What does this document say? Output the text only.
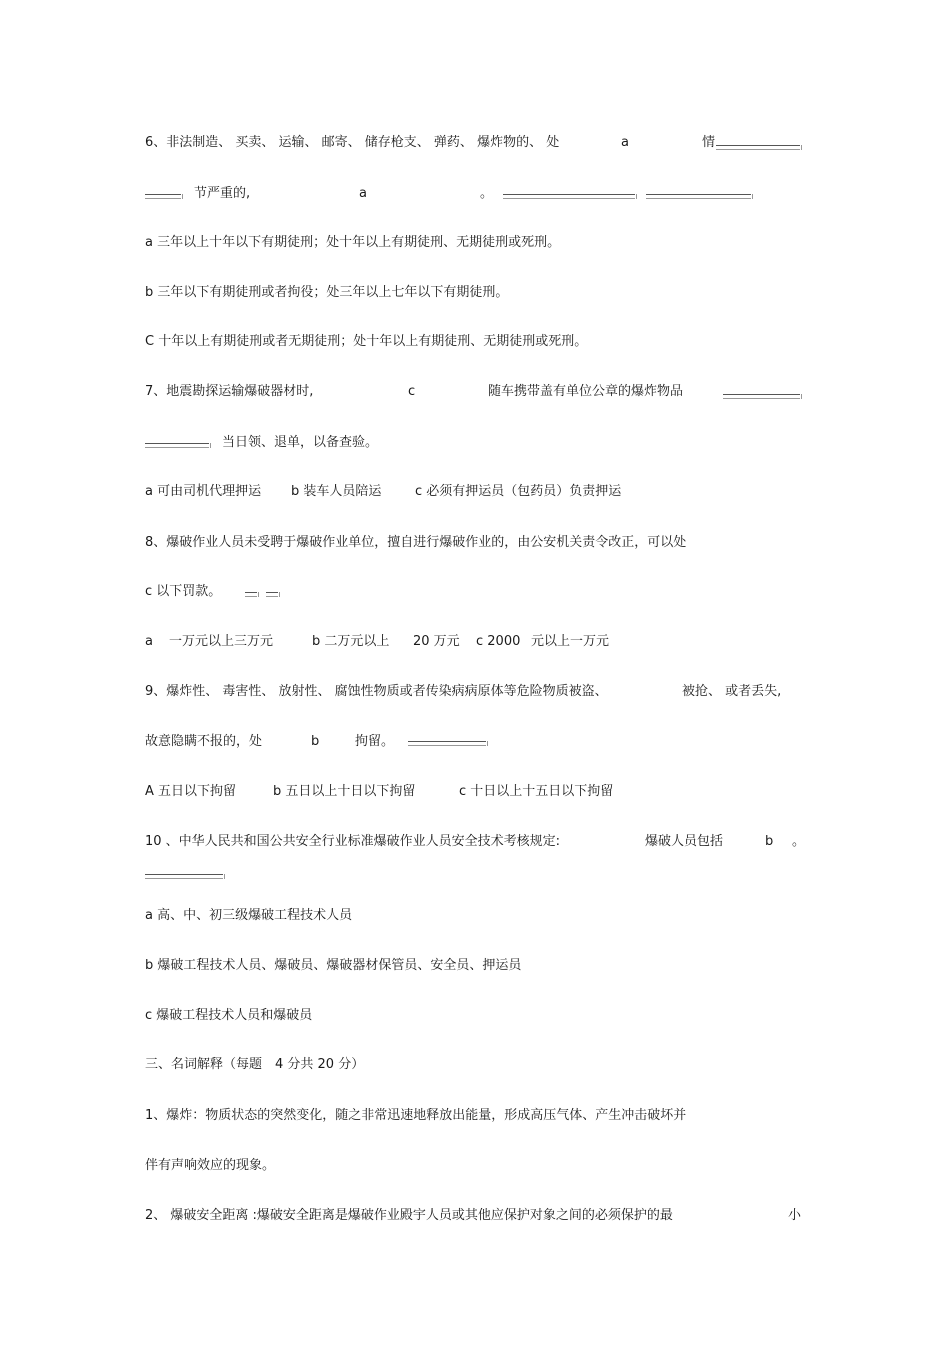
6、非法制造、 买卖、 运输、 邮寄、 储存枪支、 弹药、 爆炸物的、 处	a	情
节严重的,	a	。
a 三年以上十年以下有期徒刑；处十年以上有期徒刑、无期徒刑或死刑。
b 三年以下有期徒刑或者拘役；处三年以上七年以下有期徒刑。
C 十年以上有期徒刑或者无期徒刑；处十年以上有期徒刑、无期徒刑或死刑。
7、地震勘探运输爆破器材时,	c	随车携带盖有单位公章的爆炸物品
当日领、退单，以备查验。
a 可由司机代理押运 b 装车人员陪运	c 必须有押运员（包药员）负责押运
8、爆破作业人员未受聘于爆破作业单位，擅自进行爆破作业的，由公安机关责令改正，可以处
c 以下罚款。
a 一万元以上三万元	b 二万元以上 20 万元 c 2000 元以上一万元
9、爆炸性、 毒害性、 放射性、 腐蚀性物质或者传染病病原体等危险物质被盗、	被抢、 或者丢失,
故意隐瞒不报的，处	b	拘留。
A 五日以下拘留	b 五日以上十日以下拘留	c 十日以上十五日以下拘留
10 、中华人民共和国公共安全行业标准爆破作业人员安全技术考核规定:	爆破人员包括	b 。
a 高、中、初三级爆破工程技术人员
b 爆破工程技术人员、爆破员、爆破器材保管员、安全员、押运员
c 爆破工程技术人员和爆破员
三、名词解释（每题　4 分共 20 分）
1、爆炸：物质状态的突然变化，随之非常迅速地释放出能量，形成高压气体、产生冲击破坏并
伴有声响效应的现象。
2、 爆破安全距离 :爆破安全距离是爆破作业殿宇人员或其他应保护对象之间的必须保护的最	小
